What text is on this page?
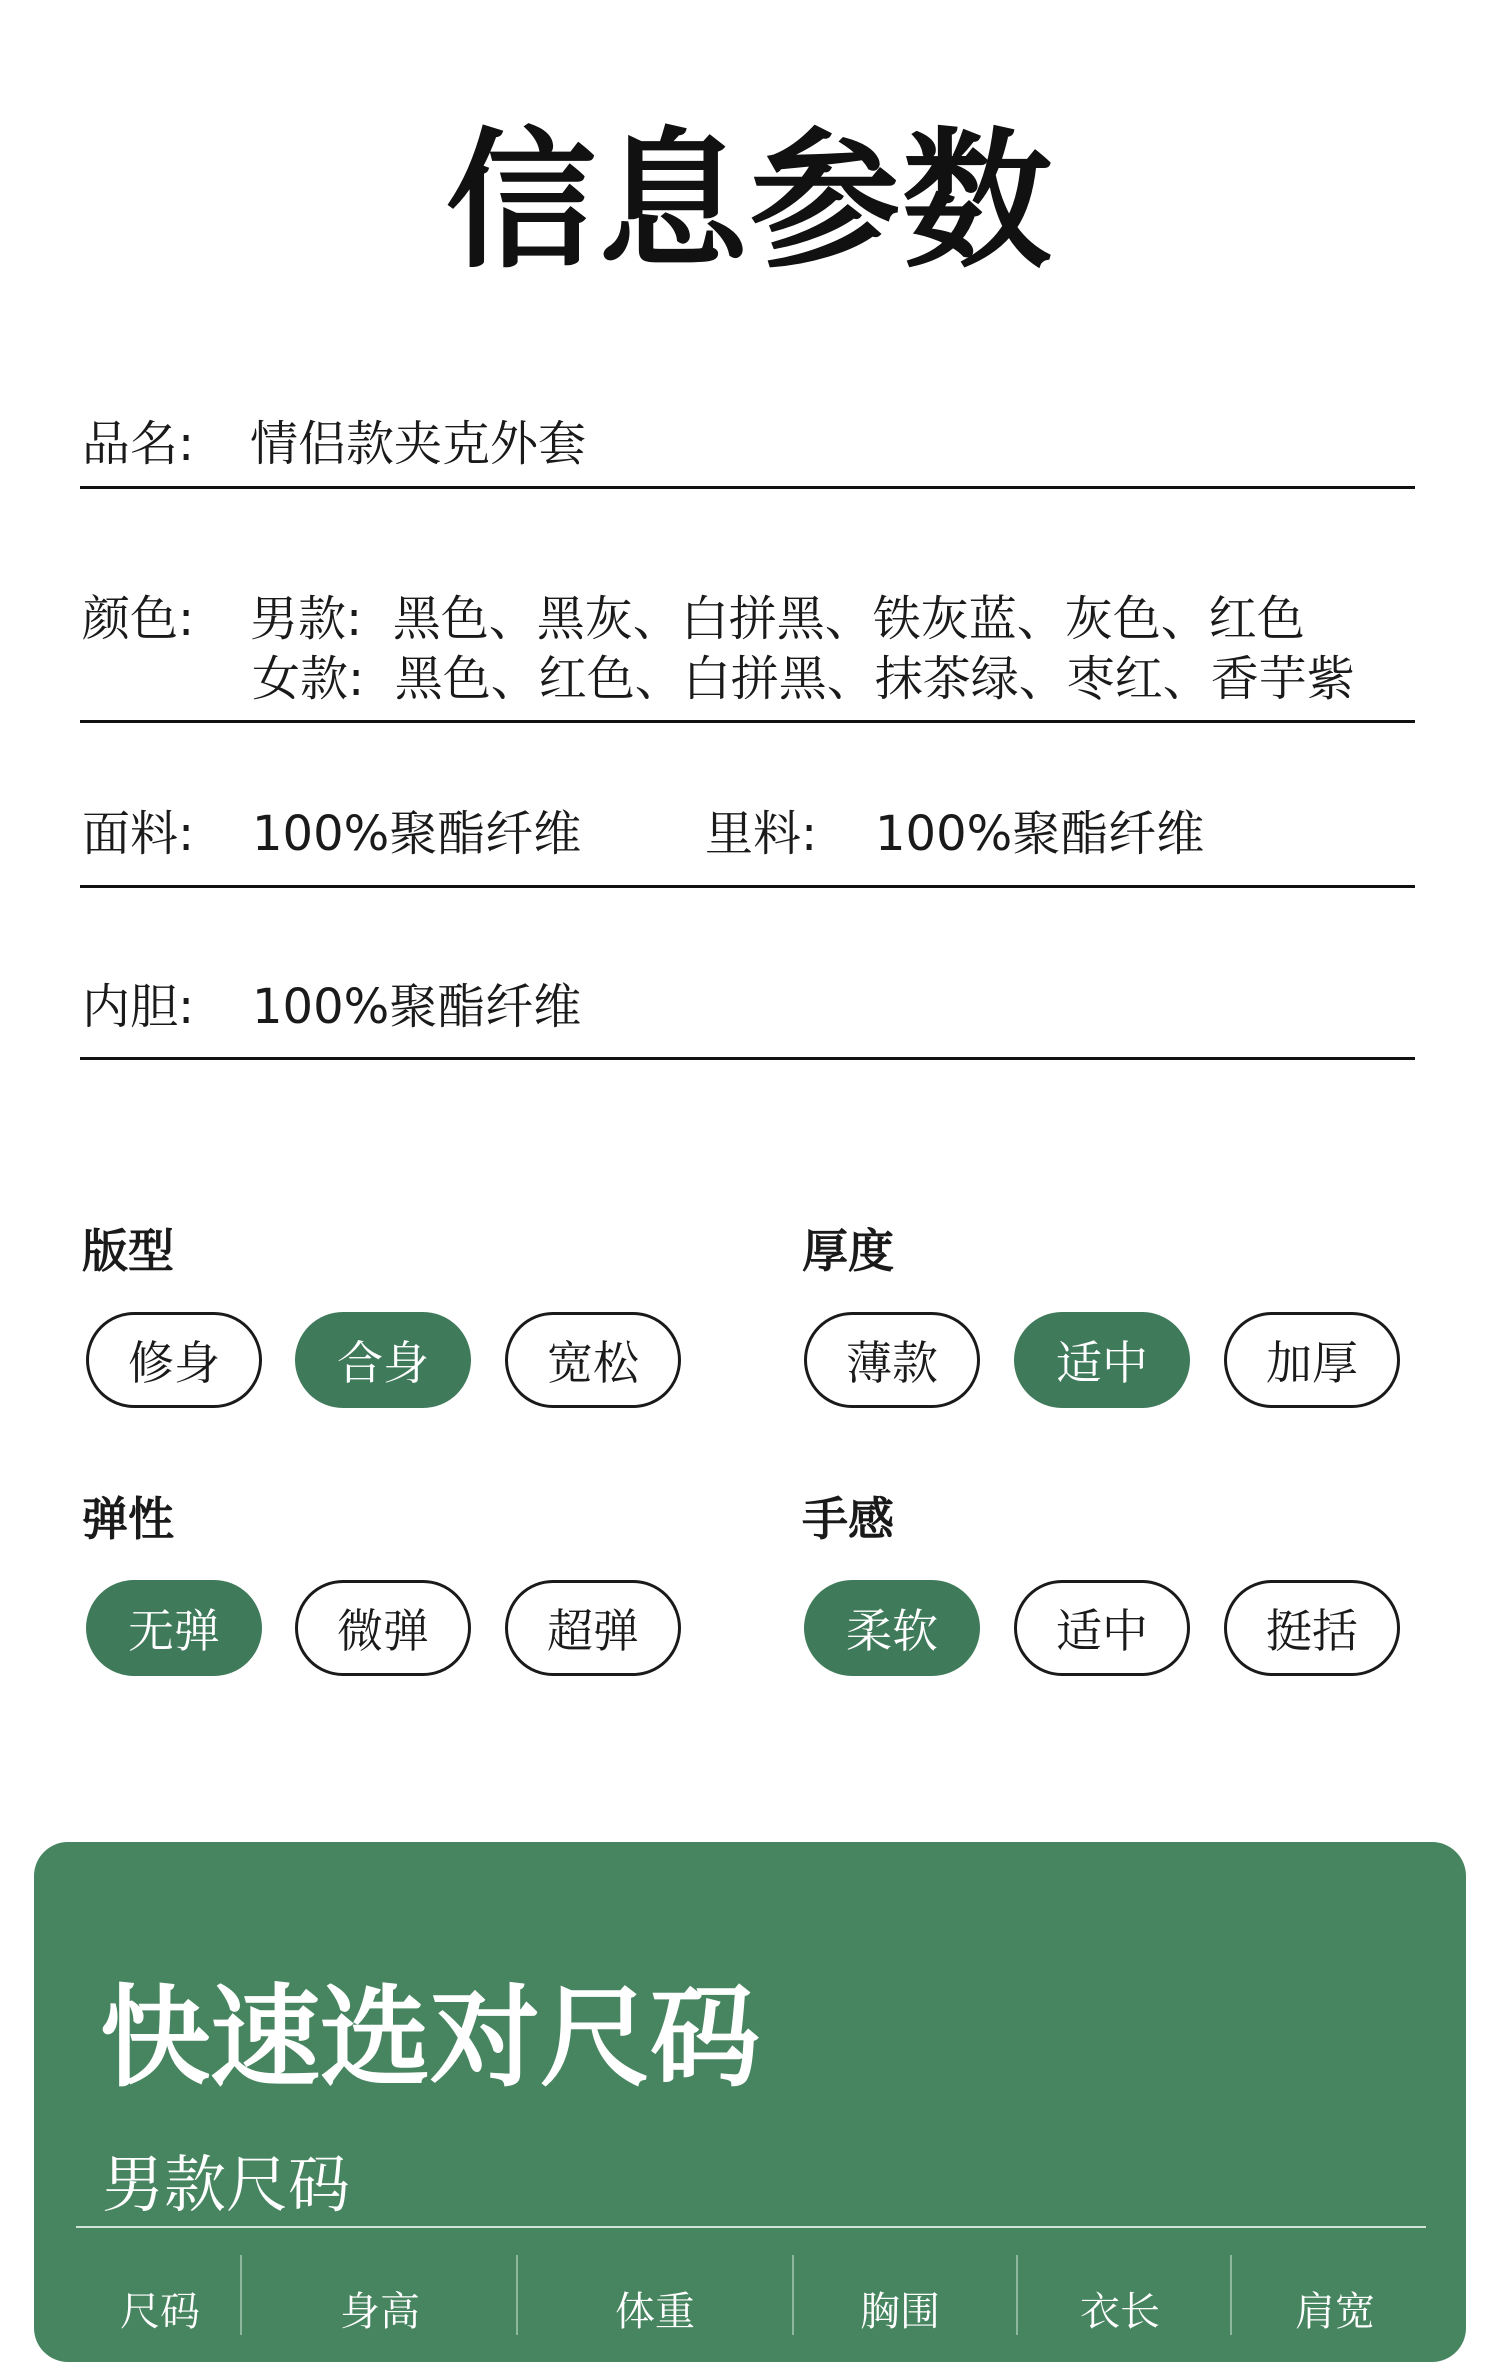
信息参数
品名: 情侣款夹克外套
颜色: 男款:  黑色、黑灰、白拼黑、铁灰蓝、灰色、红色
女款:  黑色、红色、白拼黑、抹茶绿、枣红、香芋紫
面料: 100%聚酯纤维	里料: 100%聚酯纤维
内胆: 100%聚酯纤维
版型
修身	合身	宽松
厚度
薄款	适中	加厚
弹性
无弹	微弹	超弹
手感
柔软	适中	挺括
快速选对尺码
男款尺码
尺码	身高	体重	胸围	衣长	肩宽
